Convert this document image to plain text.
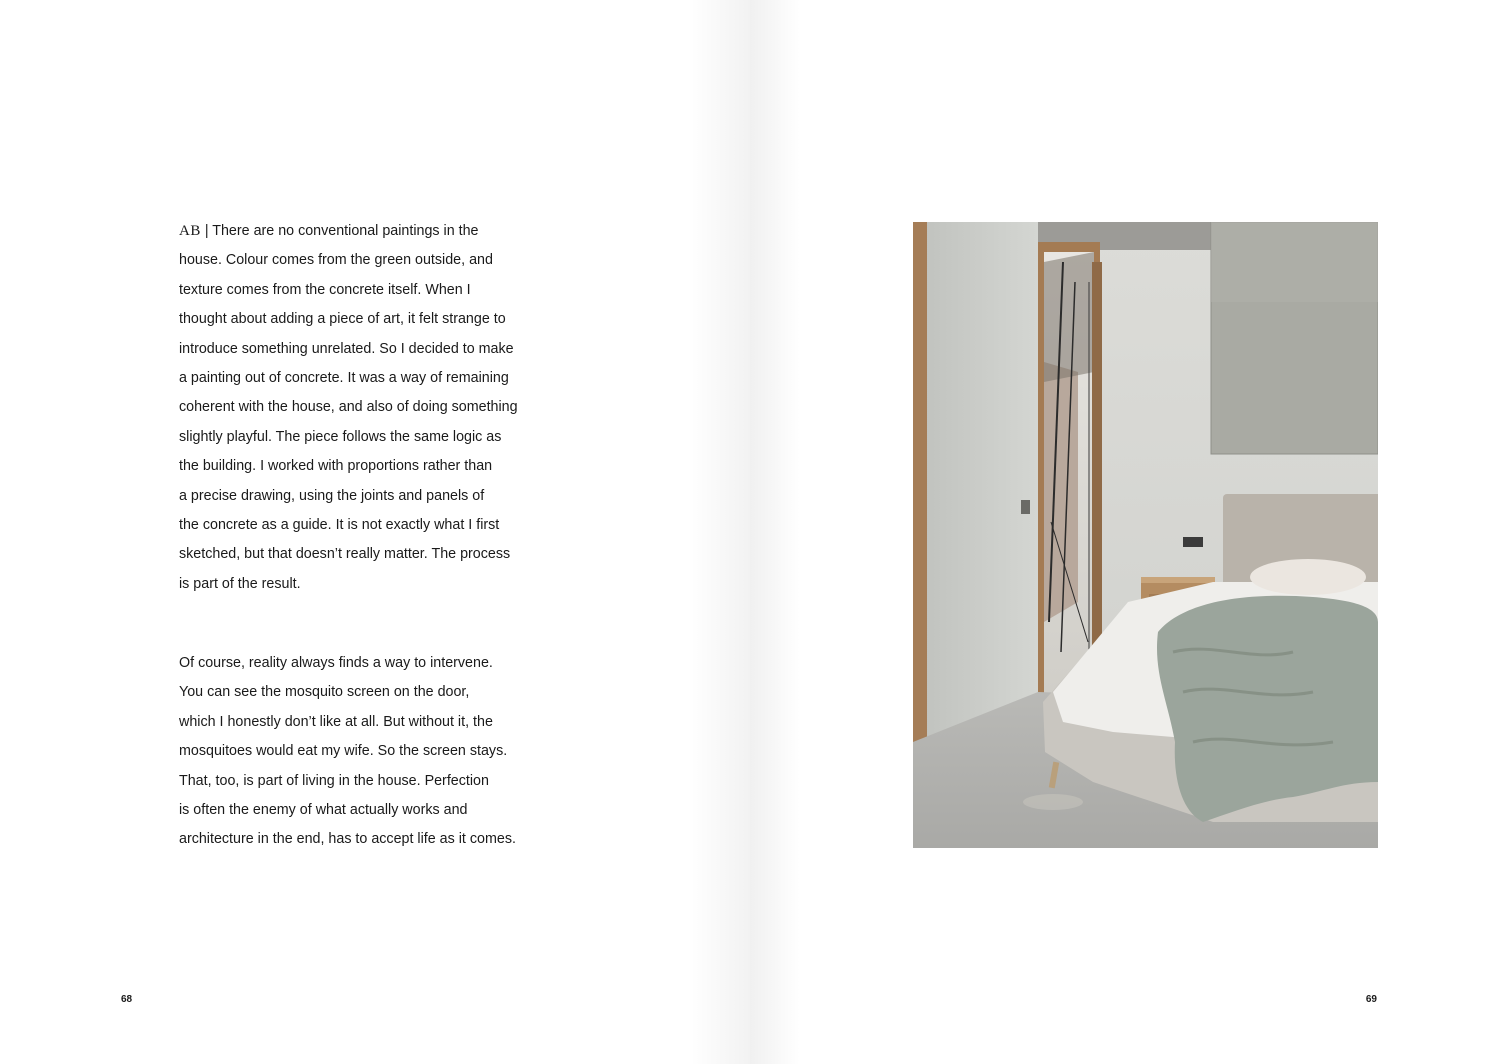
AB | There are no conventional paintings in the
house. Colour comes from the green outside, and
texture comes from the concrete itself. When I
thought about adding a piece of art, it felt strange to
introduce something unrelated. So I decided to make
a painting out of concrete. It was a way of remaining
coherent with the house, and also of doing something
slightly playful. The piece follows the same logic as
the building. I worked with proportions rather than
a precise drawing, using the joints and panels of
the concrete as a guide. It is not exactly what I first
sketched, but that doesn’t really matter. The process
is part of the result.
Of course, reality always finds a way to intervene.
You can see the mosquito screen on the door,
which I honestly don’t like at all. But without it, the
mosquitoes would eat my wife. So the screen stays.
That, too, is part of living in the house. Perfection
is often the enemy of what actually works and
architecture in the end, has to accept life as it comes.
68	69
